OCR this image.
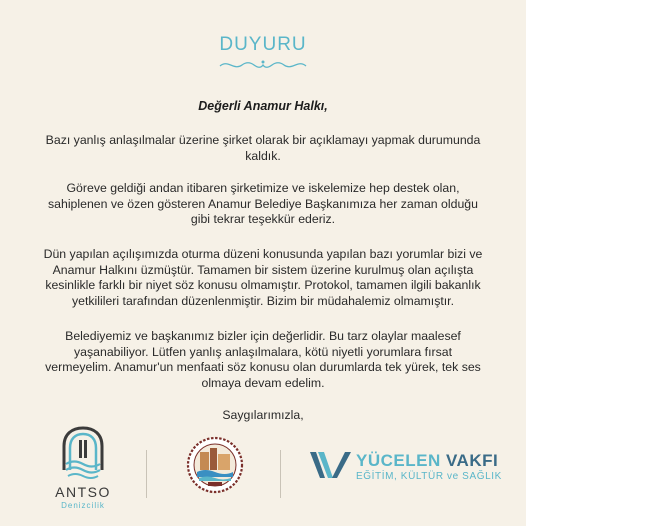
DUYURU
Değerli Anamur Halkı,
Bazı yanlış anlaşılmalar üzerine şirket olarak bir açıklamayı yapmak durumunda kaldık.
Göreve geldiği andan itibaren şirketimize ve iskelemize hep destek olan, sahiplenen ve özen gösteren Anamur Belediye Başkanımıza her zaman olduğu gibi tekrar teşekkür ederiz.
Dün yapılan açılışımızda oturma düzeni konusunda yapılan bazı yorumlar bizi ve Anamur Halkını üzmüştür. Tamamen bir sistem üzerine kurulmuş olan açılışta kesinlikle farklı bir niyet söz konusu olmamıştır. Protokol, tamamen ilgili bakanlık yetkilileri tarafından düzenlenmiştir. Bizim bir müdahalemiz olmamıştır.
Belediyemiz ve başkanımız bizler için değerlidir. Bu tarz olaylar maalesef yaşanabiliyor. Lütfen yanlış anlaşılmalara, kötü niyetli yorumlara fırsat vermeyelim. Anamur'un menfaati söz konusu olan durumlarda tek yürek, tek ses olmaya devam edelim.
Saygılarımızla,
ANTSO
Denizcilik
YÜCELEN VAKFI
EĞİTİM, KÜLTÜR ve SAĞLIK
